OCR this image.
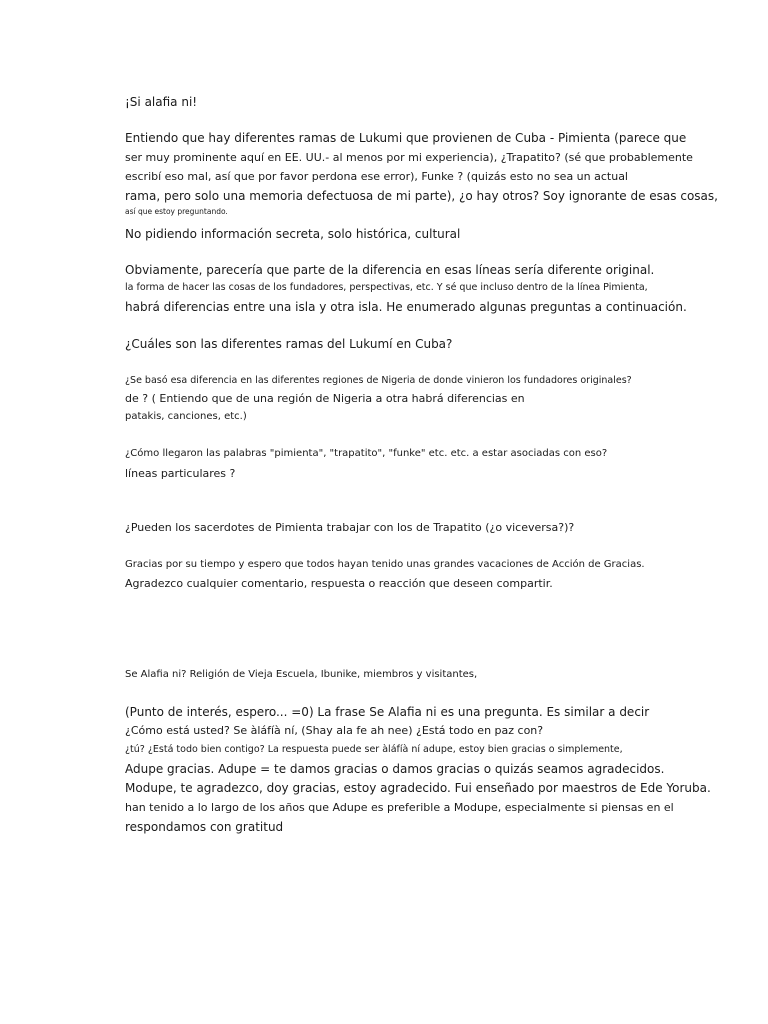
¡Si alafia ni!
Entiendo que hay diferentes ramas de Lukumi que provienen de Cuba - Pimienta (parece que
ser muy prominente aquí en EE. UU.- al menos por mi experiencia), ¿Trapatito? (sé que probablemente
escribí eso mal, así que por favor perdona ese error), Funke ? (quizás esto no sea un actual
rama, pero solo una memoria defectuosa de mi parte), ¿o hay otros? Soy ignorante de esas cosas,
así que estoy preguntando.
No pidiendo información secreta, solo histórica, cultural
Obviamente, parecería que parte de la diferencia en esas líneas sería diferente original.
la forma de hacer las cosas de los fundadores, perspectivas, etc. Y sé que incluso dentro de la línea Pimienta,
habrá diferencias entre una isla y otra isla. He enumerado algunas preguntas a continuación.
¿Cuáles son las diferentes ramas del Lukumí en Cuba?
¿Se basó esa diferencia en las diferentes regiones de Nigeria de donde vinieron los fundadores originales?
de ? ( Entiendo que de una región de Nigeria a otra habrá diferencias en
patakis, canciones, etc.)
¿Cómo llegaron las palabras "pimienta", "trapatito", "funke" etc. etc. a estar asociadas con eso?
líneas particulares ?
¿Pueden los sacerdotes de Pimienta trabajar con los de Trapatito (¿o viceversa?)?
Gracias por su tiempo y espero que todos hayan tenido unas grandes vacaciones de Acción de Gracias.
Agradezco cualquier comentario, respuesta o reacción que deseen compartir.
Se Alafia ni? Religión de Vieja Escuela, Ibunike, miembros y visitantes,
(Punto de interés, espero... =0) La frase Se Alafia ni es una pregunta. Es similar a decir
¿Cómo está usted? Se àláfíà ní, (Shay ala fe ah nee) ¿Está todo en paz con?
¿tú? ¿Está todo bien contigo? La respuesta puede ser àláfíà ní adupe, estoy bien gracias o simplemente,
Adupe gracias. Adupe = te damos gracias o damos gracias o quizás seamos agradecidos.
Modupe, te agradezco, doy gracias, estoy agradecido. Fui enseñado por maestros de Ede Yoruba.
han tenido a lo largo de los años que Adupe es preferible a Modupe, especialmente si piensas en el
respondamos con gratitud
